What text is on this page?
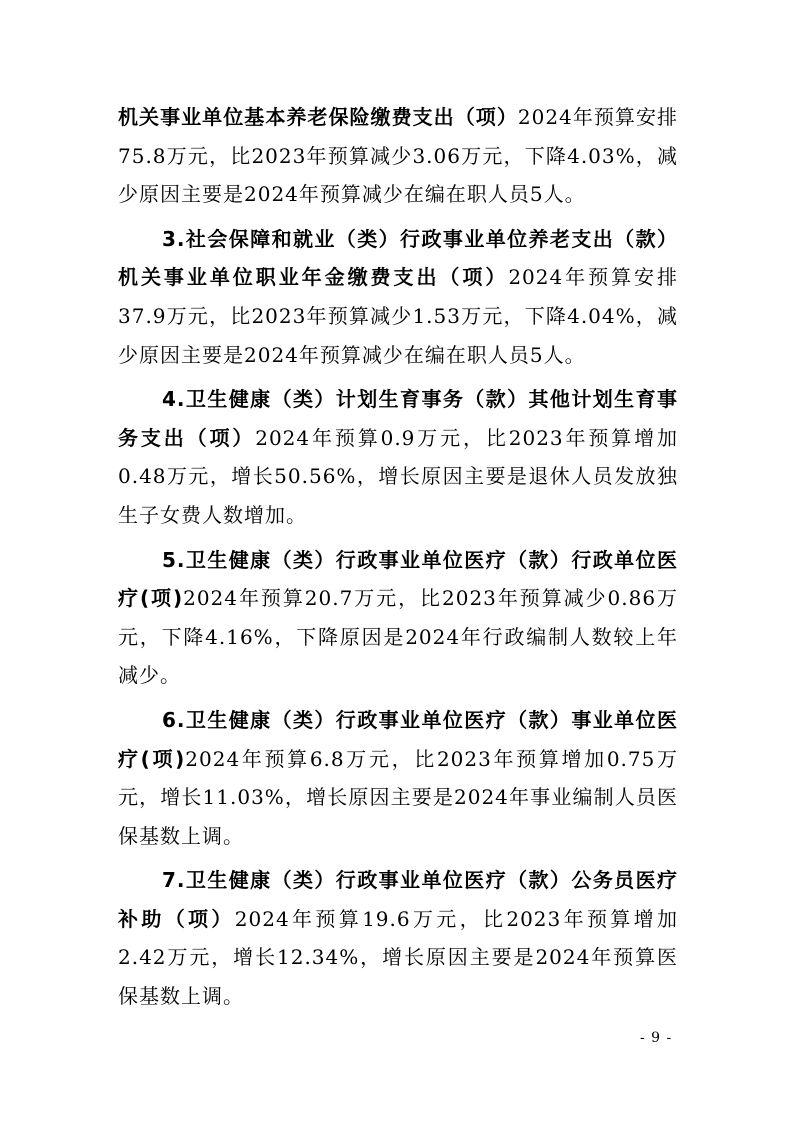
机关事业单位基本养老保险缴费支出（项）2024年预算安排75.8万元，比2023年预算减少3.06万元，下降4.03%，减少原因主要是2024年预算减少在编在职人员5人。

3.社会保障和就业（类）行政事业单位养老支出（款）机关事业单位职业年金缴费支出（项）2024年预算安排37.9万元，比2023年预算减少1.53万元，下降4.04%，减少原因主要是2024年预算减少在编在职人员5人。

4.卫生健康（类）计划生育事务（款）其他计划生育事务支出（项）2024年预算0.9万元，比2023年预算增加0.48万元，增长50.56%，增长原因主要是退休人员发放独生子女费人数增加。

5.卫生健康（类）行政事业单位医疗（款）行政单位医疗(项)2024年预算20.7万元，比2023年预算减少0.86万元，下降4.16%，下降原因是2024年行政编制人数较上年减少。

6.卫生健康（类）行政事业单位医疗（款）事业单位医疗(项)2024年预算6.8万元，比2023年预算增加0.75万元，增长11.03%，增长原因主要是2024年事业编制人员医保基数上调。

7.卫生健康（类）行政事业单位医疗（款）公务员医疗补助（项）2024年预算19.6万元，比2023年预算增加2.42万元，增长12.34%，增长原因主要是2024年预算医保基数上调。

- 9 -
